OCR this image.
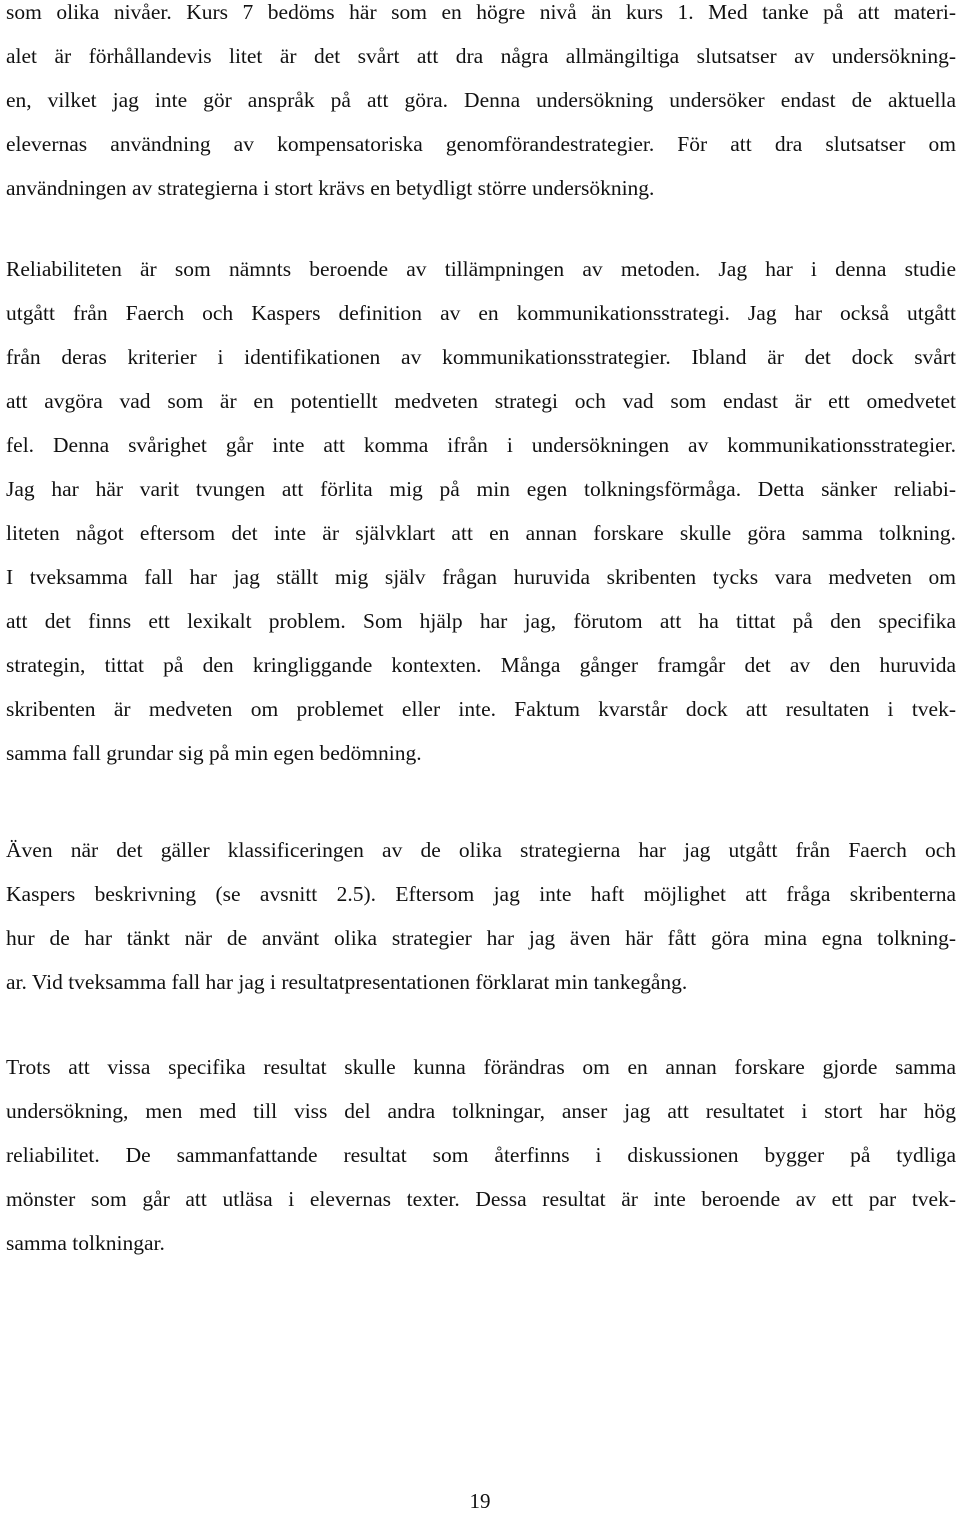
som olika nivåer. Kurs 7 bedöms här som en högre nivå än kurs 1. Med tanke på att materi-
alet är förhållandevis litet är det svårt att dra några allmängiltiga slutsatser av undersökning-
en, vilket jag inte gör anspråk på att göra. Denna undersökning undersöker endast de aktuella
elevernas användning av kompensatoriska genomförandestrategier. För att dra slutsatser om
användningen av strategierna i stort krävs en betydligt större undersökning.
Reliabiliteten är som nämnts beroende av tillämpningen av metoden. Jag har i denna studie
utgått från Faerch och Kaspers definition av en kommunikationsstrategi. Jag har också utgått
från deras kriterier i identifikationen av kommunikationsstrategier. Ibland är det dock svårt
att avgöra vad som är en potentiellt medveten strategi och vad som endast är ett omedvetet
fel. Denna svårighet går inte att komma ifrån i undersökningen av kommunikationsstrategier.
Jag har här varit tvungen att förlita mig på min egen tolkningsförmåga. Detta sänker reliabi-
liteten något eftersom det inte är självklart att en annan forskare skulle göra samma tolkning.
I tveksamma fall har jag ställt mig själv frågan huruvida skribenten tycks vara medveten om
att det finns ett lexikalt problem. Som hjälp har jag, förutom att ha tittat på den specifika
strategin, tittat på den kringliggande kontexten. Många gånger framgår det av den huruvida
skribenten är medveten om problemet eller inte. Faktum kvarstår dock att resultaten i tvek-
samma fall grundar sig på min egen bedömning.
Även när det gäller klassificeringen av de olika strategierna har jag utgått från Faerch och
Kaspers beskrivning (se avsnitt 2.5). Eftersom jag inte haft möjlighet att fråga skribenterna
hur de har tänkt när de använt olika strategier har jag även här fått göra mina egna tolkning-
ar. Vid tveksamma fall har jag i resultatpresentationen förklarat min tankegång.
Trots att vissa specifika resultat skulle kunna förändras om en annan forskare gjorde samma
undersökning, men med till viss del andra tolkningar, anser jag att resultatet i stort har hög
reliabilitet. De sammanfattande resultat som återfinns i diskussionen bygger på tydliga
mönster som går att utläsa i elevernas texter. Dessa resultat är inte beroende av ett par tvek-
samma tolkningar.
19
